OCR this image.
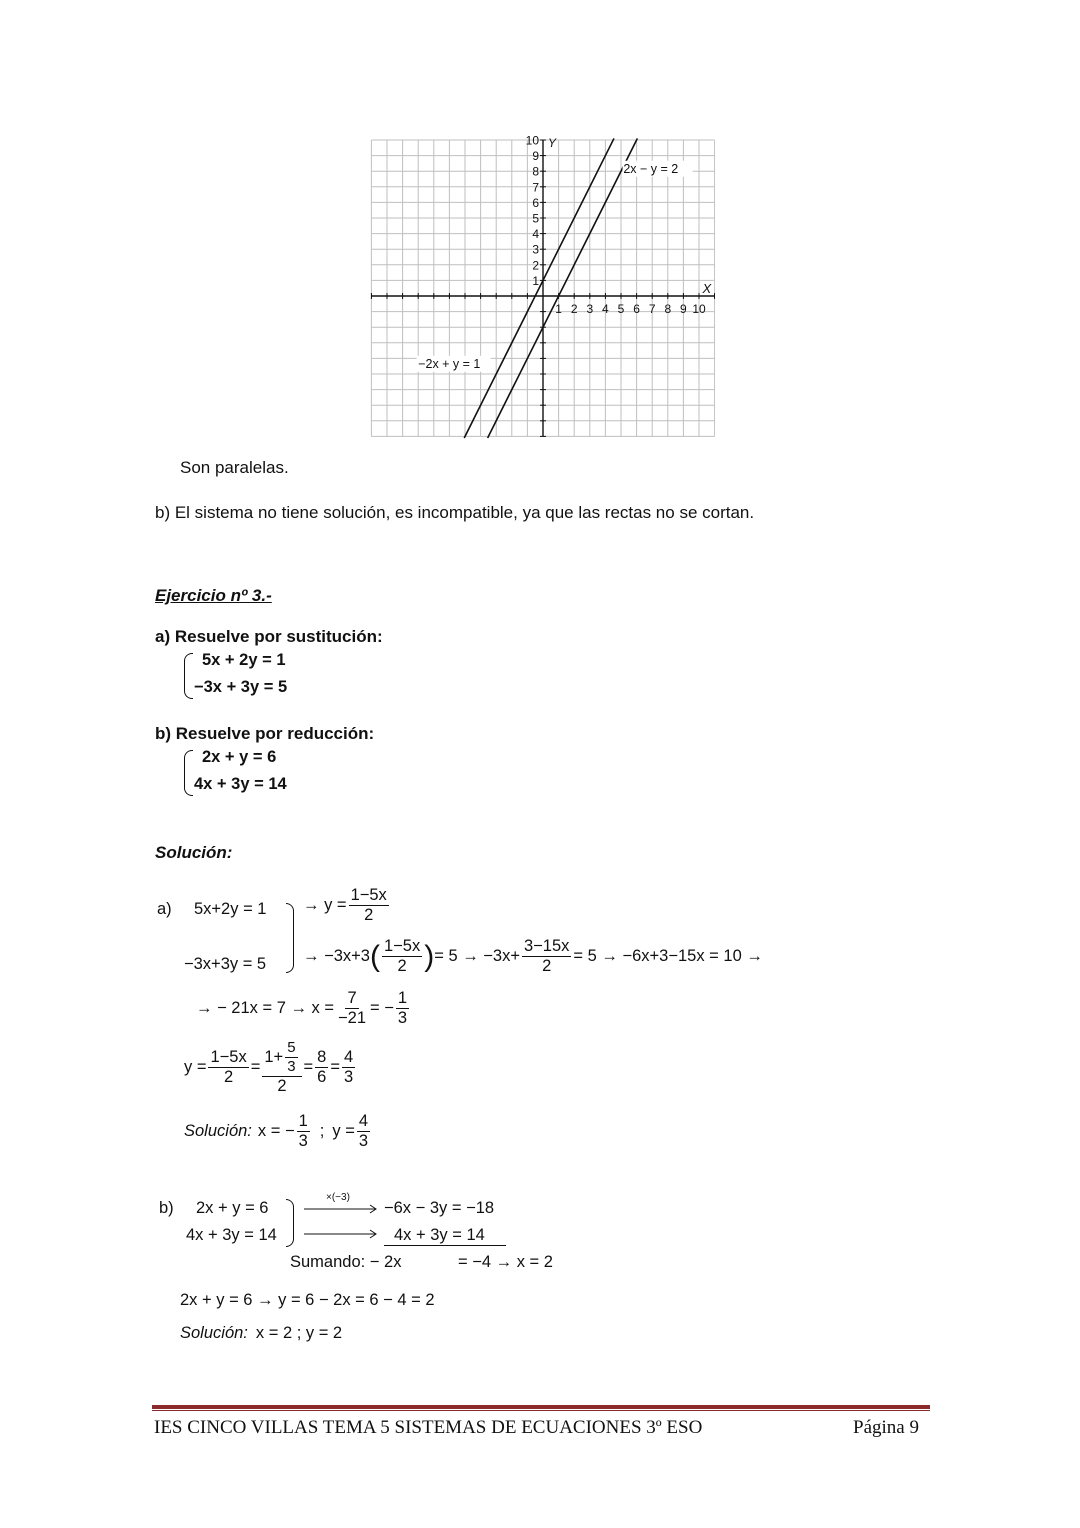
1 2 3 4 5 6 7 8 9 10
1
2
3
4
5
6
7
8
9
10
X
Y
2x − y = 2
−2x + y = 1
Son paralelas.
b) El sistema no tiene solución, es incompatible, ya que las rectas no se cortan.
Ejercicio nº 3.-
a) Resuelve por sustitución:
5x + 2y = 1
−3x + 3y = 5
b) Resuelve por reducción:
2x + y = 6
4x + 3y = 14
Solución:
a) 5x+2y = 1
−3x+3y = 5
→ $y = \frac{1-5x}{2}$
→ −3x+3 ( $\frac{1-5x}{2}$ ) = $5 \to -3x+ \frac{3-15x}{2} = 5 \to -6x+3-15x = 10$ →
→ − $21x = 7 \to x = \frac{7}{-21}$ = − $\frac{1}{3}$
$y = \frac{1-5x}{2} = \frac{1+ \frac{5}{3}}{2} = \frac{8}{6} = \frac{4}{3}$
Solución: x = − $\frac{1}{3}$ ; $y = \frac{4}{3}$
b) 2x + y = 6
4x + 3y = 14
×(−3)
−6x − 3y = −18
4x + 3y = 14
Sumando: − 2x	= −4 → x = 2
2x + y = 6 → y = 6 − 2x = 6 − 4 = 2
Solución: x = 2 ; y = 2
IES CINCO VILLAS TEMA 5 SISTEMAS DE ECUACIONES 3º ESO	Página 9
